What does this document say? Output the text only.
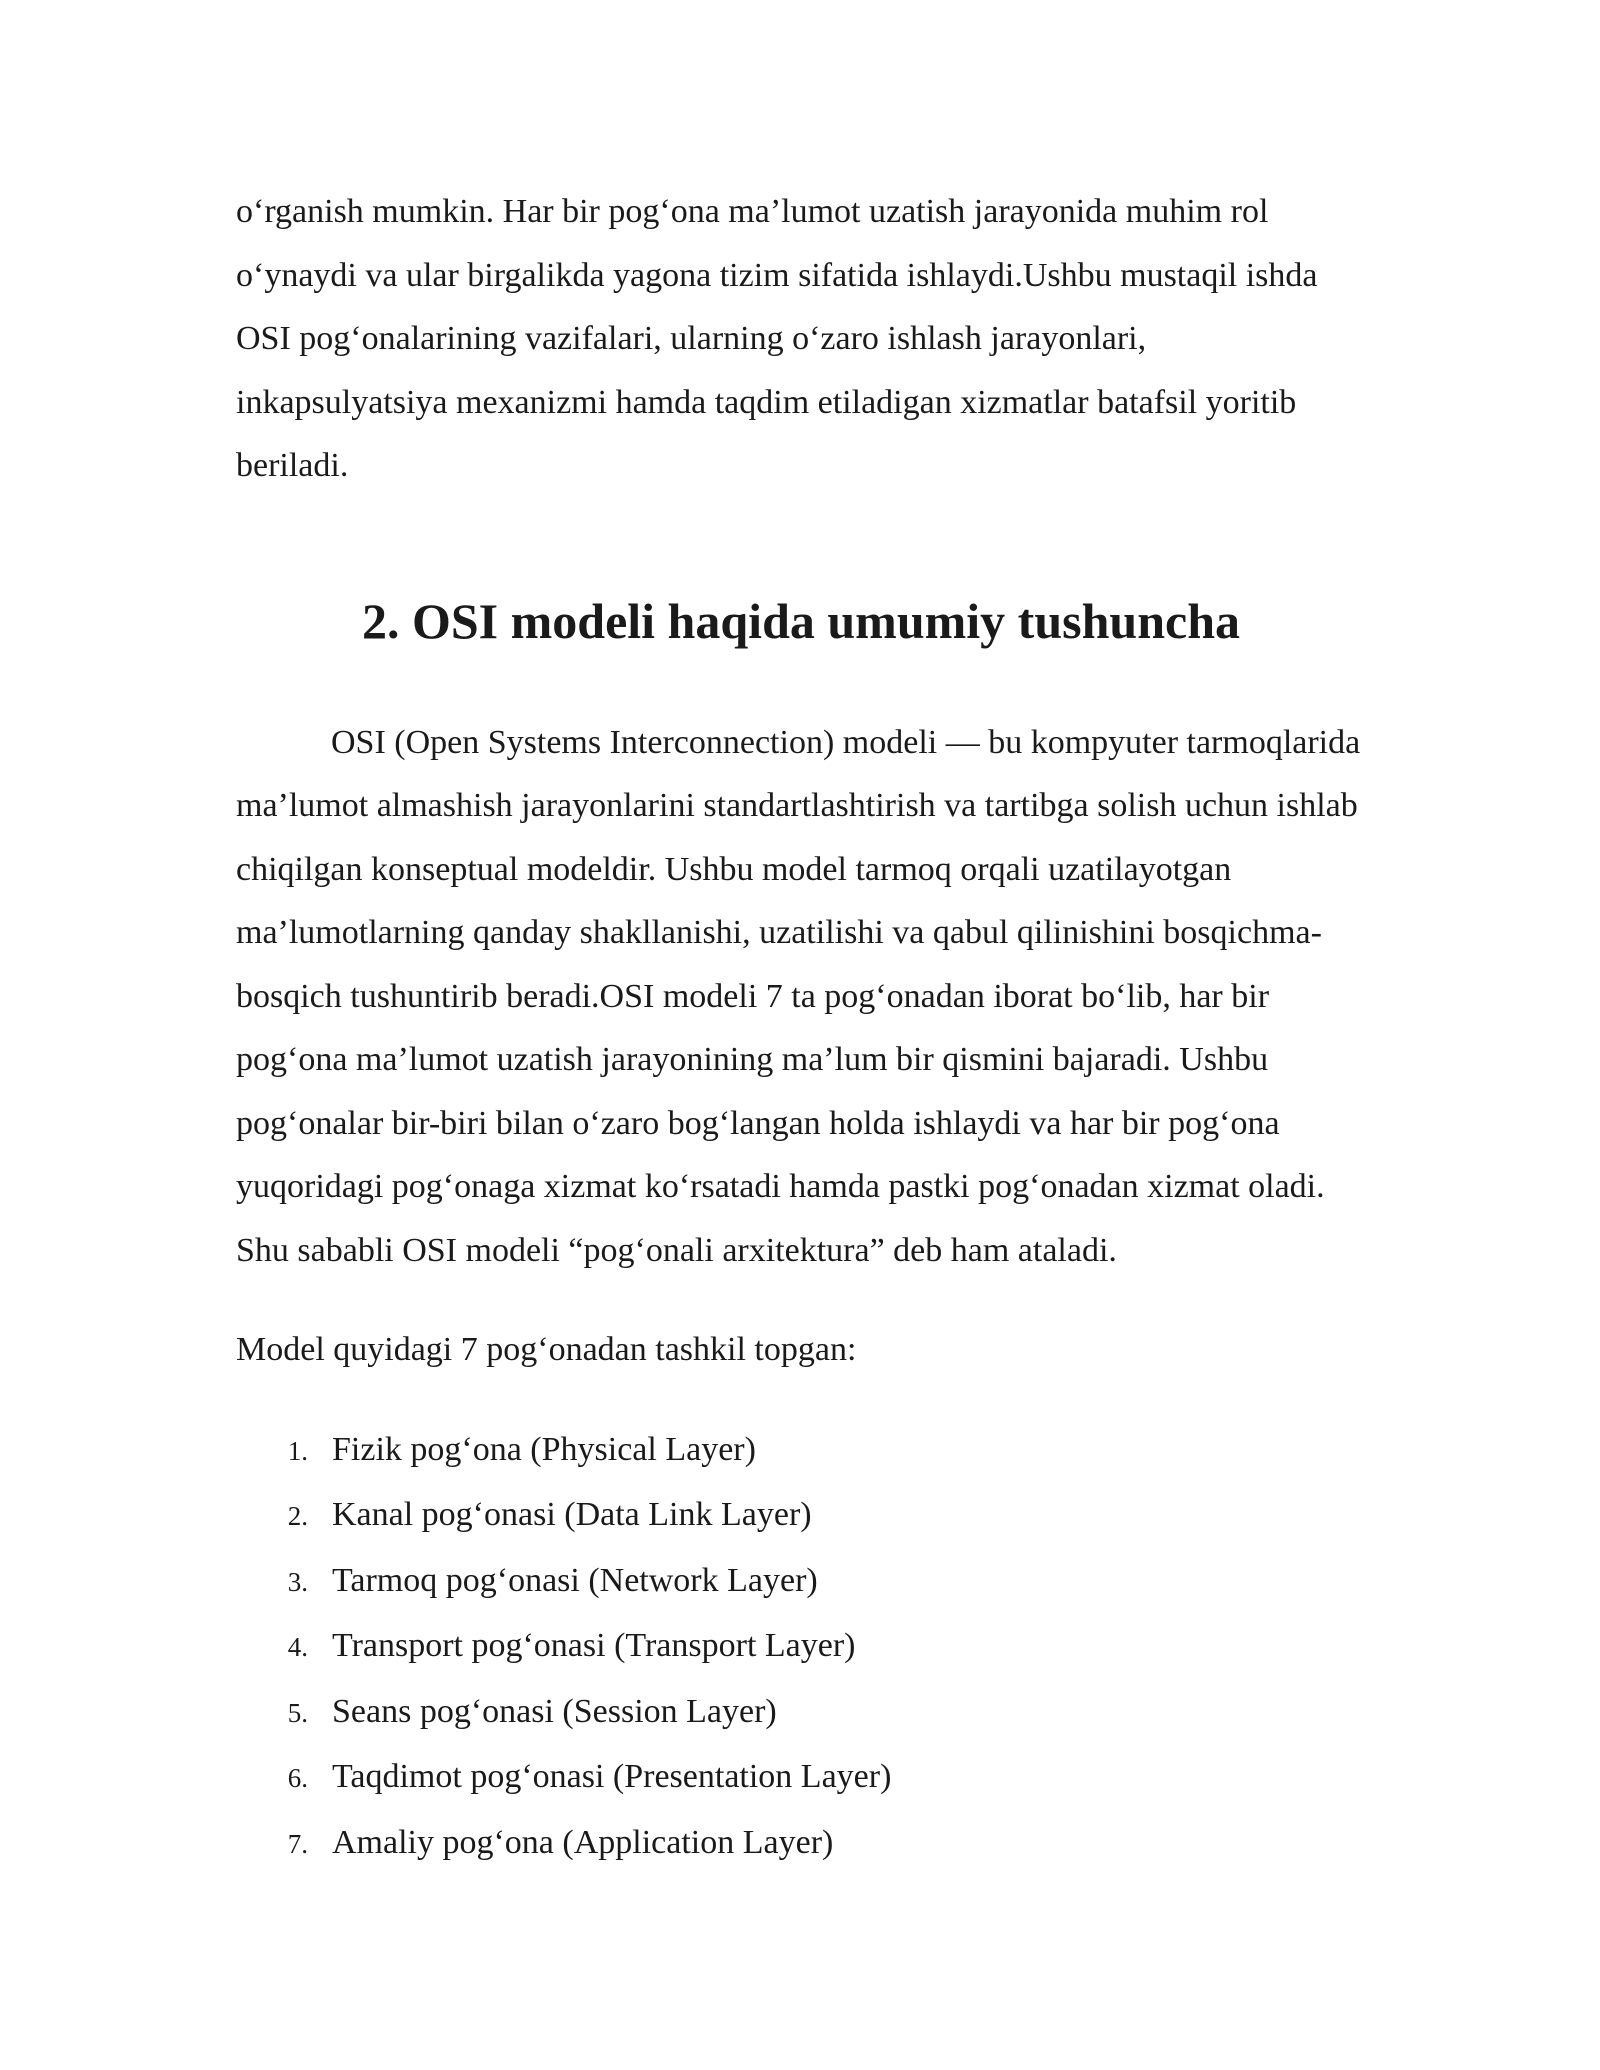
o‘rganish mumkin. Har bir pog‘ona ma’lumot uzatish jarayonida muhim rol o‘ynaydi va ular birgalikda yagona tizim sifatida ishlaydi.Ushbu mustaqil ishda OSI pog‘onalarining vazifalari, ularning o‘zaro ishlash jarayonlari, inkapsulyatsiya mexanizmi hamda taqdim etiladigan xizmatlar batafsil yoritib beriladi.

2. OSI modeli haqida umumiy tushuncha

OSI (Open Systems Interconnection) modeli — bu kompyuter tarmoqlarida ma’lumot almashish jarayonlarini standartlashtirish va tartibga solish uchun ishlab chiqilgan konseptual modeldir. Ushbu model tarmoq orqali uzatilayotgan ma’lumotlarning qanday shakllanishi, uzatilishi va qabul qilinishini bosqichma-bosqich tushuntirib beradi.OSI modeli 7 ta pog‘onadan iborat bo‘lib, har bir pog‘ona ma’lumot uzatish jarayonining ma’lum bir qismini bajaradi. Ushbu pog‘onalar bir-biri bilan o‘zaro bog‘langan holda ishlaydi va har bir pog‘ona yuqoridagi pog‘onaga xizmat ko‘rsatadi hamda pastki pog‘onadan xizmat oladi. Shu sababli OSI modeli “pog‘onali arxitektura” deb ham ataladi.

Model quyidagi 7 pog‘onadan tashkil topgan:

1. Fizik pog‘ona (Physical Layer)
2. Kanal pog‘onasi (Data Link Layer)
3. Tarmoq pog‘onasi (Network Layer)
4. Transport pog‘onasi (Transport Layer)
5. Seans pog‘onasi (Session Layer)
6. Taqdimot pog‘onasi (Presentation Layer)
7. Amaliy pog‘ona (Application Layer)
